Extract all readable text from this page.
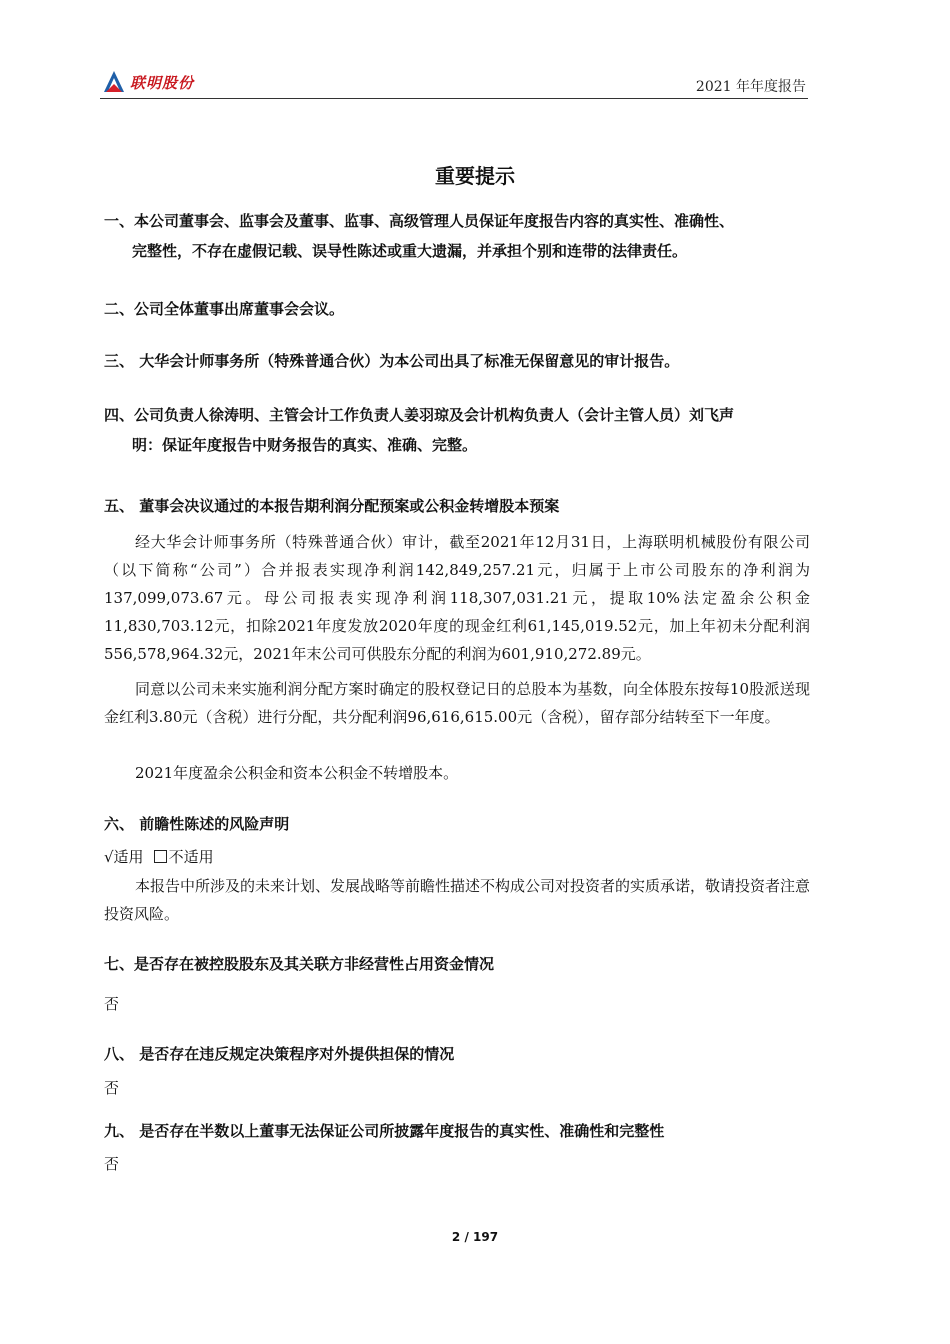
联明股份	2021 年年度报告
重要提示
一、本公司董事会、监事会及董事、监事、高级管理人员保证年度报告内容的真实性、准确性、
完整性，不存在虚假记载、误导性陈述或重大遗漏，并承担个别和连带的法律责任。
二、公司全体董事出席董事会会议。
三、 大华会计师事务所（特殊普通合伙）为本公司出具了标准无保留意见的审计报告。
四、公司负责人徐涛明、主管会计工作负责人姜羽琼及会计机构负责人（会计主管人员）刘飞声
明：保证年度报告中财务报告的真实、准确、完整。
五、 董事会决议通过的本报告期利润分配预案或公积金转增股本预案
经大华会计师事务所（特殊普通合伙）审计，截至2021年12月31日，上海联明机械股份有限公司（以下简称“公司”）合并报表实现净利润142,849,257.21元，归属于上市公司股东的净利润为137,099,073.67元。母公司报表实现净利润118,307,031.21元，提取10%法定盈余公积金11,830,703.12元，扣除2021年度发放2020年度的现金红利61,145,019.52元，加上年初未分配利润556,578,964.32元，2021年末公司可供股东分配的利润为601,910,272.89元。
同意以公司未来实施利润分配方案时确定的股权登记日的总股本为基数，向全体股东按每10股派送现金红利3.80元（含税）进行分配，共分配利润96,616,615.00元（含税），留存部分结转至下一年度。
2021年度盈余公积金和资本公积金不转增股本。
六、 前瞻性陈述的风险声明
√适用 不适用
本报告中所涉及的未来计划、发展战略等前瞻性描述不构成公司对投资者的实质承诺，敬请投资者注意投资风险。
七、是否存在被控股股东及其关联方非经营性占用资金情况
否
八、 是否存在违反规定决策程序对外提供担保的情况
否
九、 是否存在半数以上董事无法保证公司所披露年度报告的真实性、准确性和完整性
否
2 / 197
